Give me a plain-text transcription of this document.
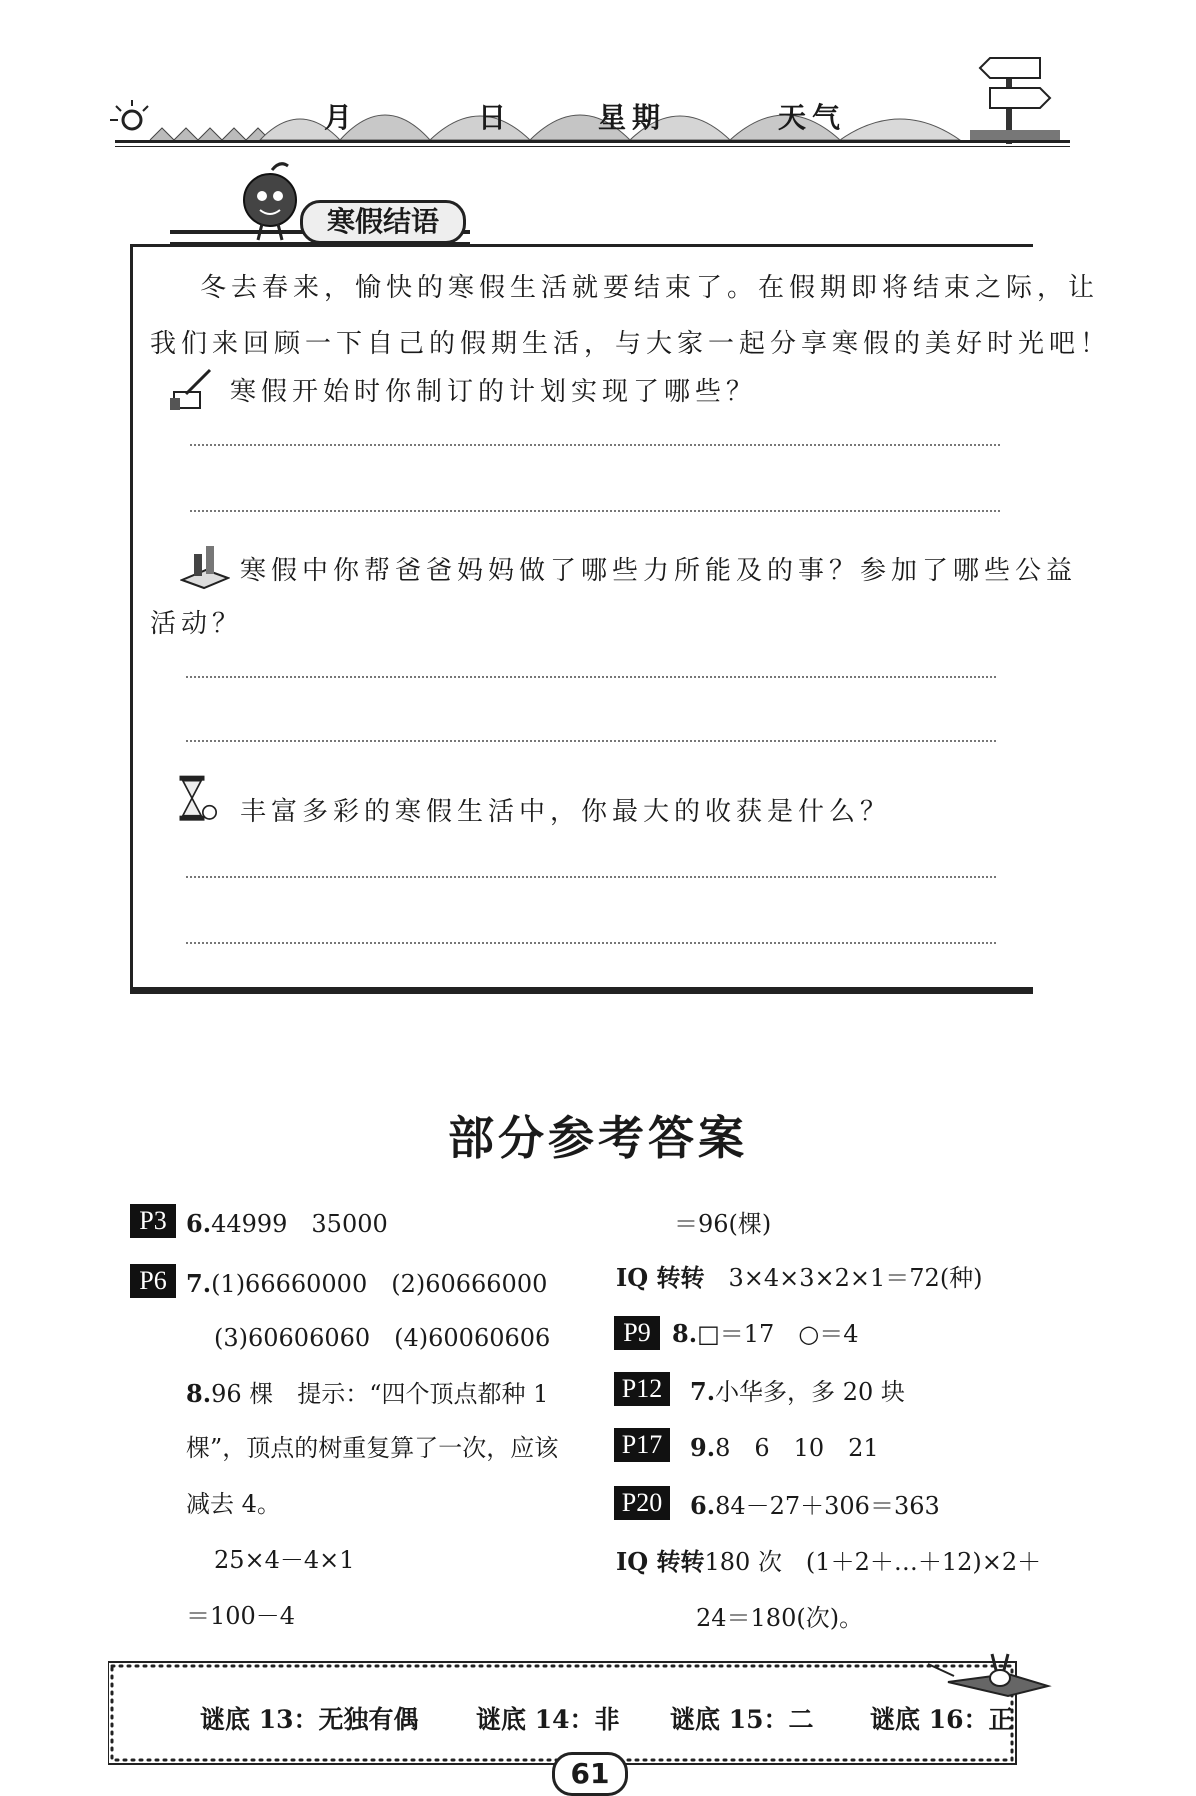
月	日	星期	天气
寒假结语
冬去春来，愉快的寒假生活就要结束了。在假期即将结束之际，让
我们来回顾一下自己的假期生活，与大家一起分享寒假的美好时光吧！
寒假开始时你制订的计划实现了哪些？
寒假中你帮爸爸妈妈做了哪些力所能及的事？参加了哪些公益
活动？
丰富多彩的寒假生活中，你最大的收获是什么？
部分参考答案
P3 6.44999　35000
P6 7.(1)66660000　(2)60666000
(3)60606060　(4)60060606
8.96 棵　提示：“四个顶点都种 1
棵”，顶点的树重复算了一次，应该
减去 4。
25×4－4×1
＝100－4
＝96(棵)
IQ 转转　 3×4×3×2×1＝72(种)
P9 8.□＝17　○＝4
P12	7.小华多，多 20 块
P17	9.8　6　10　21
P20	6.84－27＋306＝363
IQ 转转180 次　(1＋2＋…＋12)×2＋
24＝180(次)。
谜底 13：无独有偶 谜底 14：非 谜底 15：二 谜底 16：正
61
